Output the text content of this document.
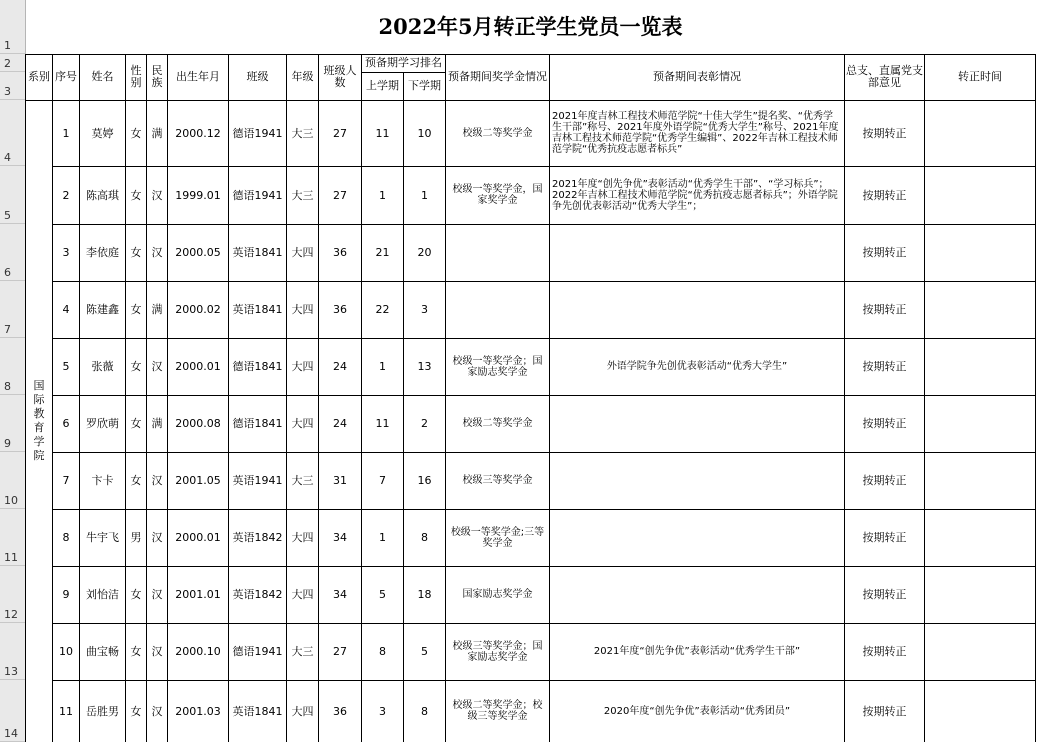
1
2
3
4
5
6
7
8
9
10
11
12
13
14
2022年5月转正学生党员一览表														
系别	序号	姓名	性别	民族	出生年月	班级	年级	班级人数	预备期学习排名		预备期间奖学金情况	预备期间表彰情况	总支、直属党支部意见	转正时间
									上学期	下学期				
国际教育学院	1	莫婷	女	满	2000.12	德语1941	大三	27	11	10	校级二等奖学金	2021年度吉林工程技术师范学院“十佳大学生”提名奖、“优秀学生干部”称号、2021年度外语学院“优秀大学生”称号、2021年度吉林工程技术师范学院“优秀学生编辑”、2022年吉林工程技术师范学院“优秀抗疫志愿者标兵”	按期转正	
	2	陈高琪	女	汉	1999.01	德语1941	大三	27	1	1	校级一等奖学金，国家奖学金	2021年度“创先争优”表彰活动“优秀学生干部”、“学习标兵”；2022年吉林工程技术师范学院“优秀抗疫志愿者标兵”；外语学院争先创优表彰活动“优秀大学生”；	按期转正	
	3	李依庭	女	汉	2000.05	英语1841	大四	36	21	20			按期转正	
	4	陈建鑫	女	满	2000.02	英语1841	大四	36	22	3			按期转正	
	5	张薇	女	汉	2000.01	德语1841	大四	24	1	13	校级一等奖学金；国家励志奖学金	外语学院争先创优表彰活动“优秀大学生”	按期转正	
	6	罗欣萌	女	满	2000.08	德语1841	大四	24	11	2	校级二等奖学金		按期转正	
	7	卞卡	女	汉	2001.05	英语1941	大三	31	7	16	校级三等奖学金		按期转正	
	8	牛宇飞	男	汉	2000.01	英语1842	大四	34	1	8	校级一等奖学金;三等奖学金		按期转正	
	9	刘怡洁	女	汉	2001.01	英语1842	大四	34	5	18	国家励志奖学金		按期转正	
	10	曲宝畅	女	汉	2000.10	德语1941	大三	27	8	5	校级三等奖学金；国家励志奖学金	2021年度“创先争优”表彰活动“优秀学生干部”	按期转正	
	11	岳胜男	女	汉	2001.03	英语1841	大四	36	3	8	校级二等奖学金；校级三等奖学金	2020年度“创先争优”表彰活动“优秀团员”	按期转正	
